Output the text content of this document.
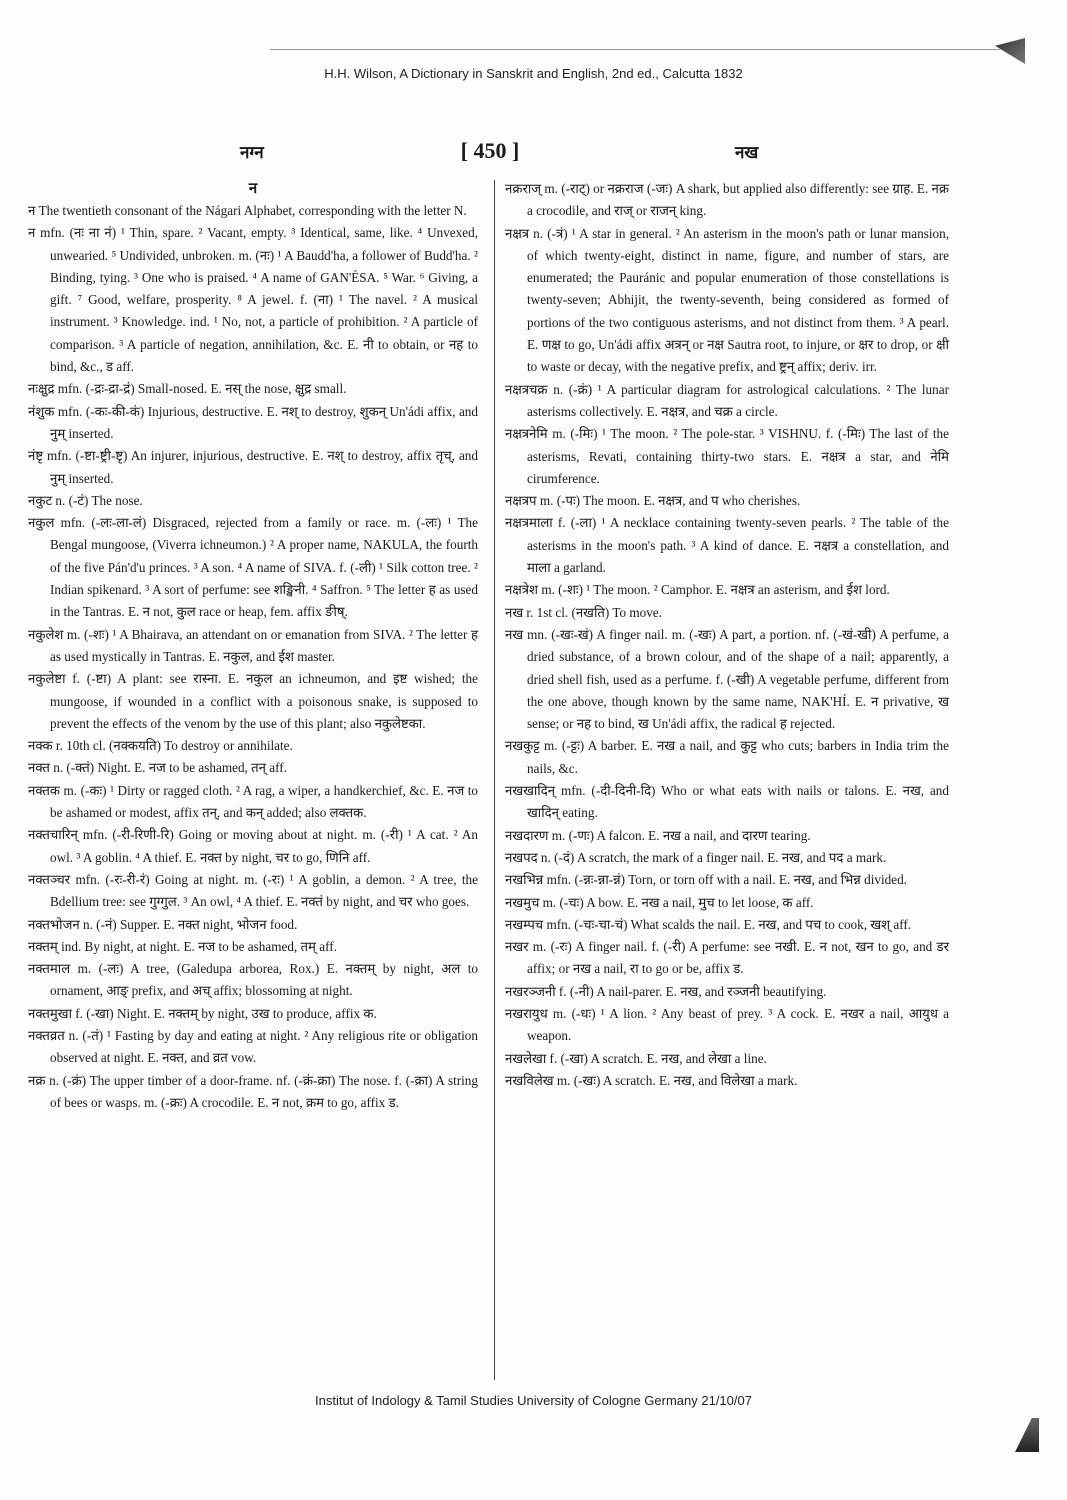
H.H. Wilson, A Dictionary in Sanskrit and English, 2nd ed., Calcutta 1832
नग्न	[ 450 ]	नख
न

न The twentieth consonant of the Nágari Alphabet, corresponding with the letter N.

न mfn. (नः ना नं) ¹ Thin, spare. ² Vacant, empty. ³ Identical, same, like. ⁴ Unvexed, unwearied. ⁵ Undivided, unbroken. m. (नः) ¹ A Baudd'ha, a follower of Budd'ha. ² Binding, tying. ³ One who is praised. ⁴ A name of GAN'ÉSA. ⁵ War. ⁶ Giving, a gift. ⁷ Good, welfare, prosperity. ⁸ A jewel. f. (ना) ¹ The navel. ² A musical instrument. ³ Knowledge. ind. ¹ No, not, a particle of prohibition. ² A particle of comparison. ³ A particle of negation, annihilation, &c. E. नी to obtain, or नह to bind, &c., ड aff.

नःक्षुद्र mfn. (-द्रः-द्रा-द्रं) Small-nosed. E. नस् the nose, क्षुद्र small.

नंशुक mfn. (-कः-की-कं) Injurious, destructive. E. नश् to destroy, शुकन् Un'ádi affix, and नुम् inserted.

नंष्टृ mfn. (-ष्टा-ष्ट्री-ष्टृ) An injurer, injurious, destructive. E. नश् to destroy, affix तृच्, and नुम् inserted.

नकुट n. (-टं) The nose.

नकुल mfn. (-लः-ला-लं) Disgraced, rejected from a family or race. m. (-लः) ¹ The Bengal mungoose, (Viverra ichneumon.) ² A proper name, NAKULA, the fourth of the five Pán'd'u princes. ³ A son. ⁴ A name of SIVA. f. (-ली) ¹ Silk cotton tree. ² Indian spikenard. ³ A sort of perfume: see शङ्खिनी. ⁴ Saffron. ⁵ The letter ह as used in the Tantras. E. न not, कुल race or heap, fem. affix ङीष्.

नकुलेश m. (-शः) ¹ A Bhairava, an attendant on or emanation from SIVA. ² The letter ह as used mystically in Tantras. E. नकुल, and ईश master.

नकुलेष्टा f. (-ष्टा) A plant: see रास्ना. E. नकुल an ichneumon, and इष्ट wished; the mungoose, if wounded in a conflict with a poisonous snake, is supposed to prevent the effects of the venom by the use of this plant; also नकुलेष्टका.

नक्क r. 10th cl. (नक्कयति) To destroy or annihilate.

नक्त n. (-क्तं) Night. E. नज to be ashamed, तन् aff.

नक्तक m. (-कः) ¹ Dirty or ragged cloth. ² A rag, a wiper, a handkerchief, &c. E. नज to be ashamed or modest, affix तन्, and कन् added; also लक्तक.

नक्तचारिन् mfn. (-री-रिणी-रि) Going or moving about at night. m. (-री) ¹ A cat. ² An owl. ³ A goblin. ⁴ A thief. E. नक्त by night, चर to go, णिनि aff.

नक्तञ्चर mfn. (-रः-री-रं) Going at night. m. (-रः) ¹ A goblin, a demon. ² A tree, the Bdellium tree: see गुग्गुल. ³ An owl, ⁴ A thief. E. नक्तं by night, and चर who goes.

नक्तभोजन n. (-नं) Supper. E. नक्त night, भोजन food.

नक्तम् ind. By night, at night. E. नज to be ashamed, तम् aff.

नक्तमाल m. (-लः) A tree, (Galedupa arborea, Rox.) E. नक्तम् by night, अल to ornament, आङ् prefix, and अच् affix; blossoming at night.

नक्तमुखा f. (-खा) Night. E. नक्तम् by night, उख to produce, affix क.

नक्तव्रत n. (-तं) ¹ Fasting by day and eating at night. ² Any religious rite or obligation observed at night. E. नक्त, and व्रत vow.

नक्र n. (-क्रं) The upper timber of a door-frame. nf. (-क्रं-क्रा) The nose. f. (-क्रा) A string of bees or wasps. m. (-क्रः) A crocodile. E. न not, क्रम to go, affix ड.

नक्रराज् m. (-राट्) or नक्रराज (-जः) A shark, but applied also differently: see ग्राह. E. नक्र a crocodile, and राज् or राजन् king.

नक्षत्र n. (-त्रं) ¹ A star in general. ² An asterism in the moon's path or lunar mansion, of which twenty-eight, distinct in name, figure, and number of stars, are enumerated; the Pauránic and popular enumeration of those constellations is twenty-seven; Abhijit, the twenty-seventh, being considered as formed of portions of the two contiguous asterisms, and not distinct from them. ³ A pearl. E. णक्ष to go, Un'ádi affix अत्रन् or नक्ष Sautra root, to injure, or क्षर to drop, or क्षी to waste or decay, with the negative prefix, and ष्ट्रन् affix; deriv. irr.

नक्षत्रचक्र n. (-क्रं) ¹ A particular diagram for astrological calculations. ² The lunar asterisms collectively. E. नक्षत्र, and चक्र a circle.

नक्षत्रनेमि m. (-मिः) ¹ The moon. ² The pole-star. ³ VISHNU. f. (-मिः) The last of the asterisms, Revati, containing thirty-two stars. E. नक्षत्र a star, and नेमि cirumference.

नक्षत्रप m. (-पः) The moon. E. नक्षत्र, and प who cherishes.

नक्षत्रमाला f. (-ला) ¹ A necklace containing twenty-seven pearls. ² The table of the asterisms in the moon's path. ³ A kind of dance. E. नक्षत्र a constellation, and माला a garland.

नक्षत्रेश m. (-शः) ¹ The moon. ² Camphor. E. नक्षत्र an asterism, and ईश lord.

नख r. 1st cl. (नखति) To move.

नख mn. (-खः-खं) A finger nail. m. (-खः) A part, a portion. nf. (-खं-खी) A perfume, a dried substance, of a brown colour, and of the shape of a nail; apparently, a dried shell fish, used as a perfume. f. (-खी) A vegetable perfume, different from the one above, though known by the same name, NAK'HÍ. E. न privative, ख sense; or नह to bind, ख Un'ádi affix, the radical ह rejected.

नखकुट्ट m. (-ट्टः) A barber. E. नख a nail, and कुट्ट who cuts; barbers in India trim the nails, &c.

नखखादिन् mfn. (-दी-दिनी-दि) Who or what eats with nails or talons. E. नख, and खादिन् eating.

नखदारण m. (-णः) A falcon. E. नख a nail, and दारण tearing.

नखपद n. (-दं) A scratch, the mark of a finger nail. E. नख, and पद a mark.

नखभिन्न mfn. (-न्नः-न्ना-न्नं) Torn, or torn off with a nail. E. नख, and भिन्न divided.

नखमुच m. (-चः) A bow. E. नख a nail, मुच to let loose, क aff.

नखम्पच mfn. (-चः-चा-चं) What scalds the nail. E. नख, and पच to cook, खश् aff.

नखर m. (-रः) A finger nail. f. (-री) A perfume: see नखी. E. न not, खन to go, and डर affix; or नख a nail, रा to go or be, affix ड.

नखरञ्जनी f. (-नी) A nail-parer. E. नख, and रञ्जनी beautifying.

नखरायुध m. (-धः) ¹ A lion. ² Any beast of prey. ³ A cock. E. नखर a nail, आयुध a weapon.

नखलेखा f. (-खा) A scratch. E. नख, and लेखा a line.

नखविलेख m. (-खः) A scratch. E. नख, and विलेखा a mark.

Institut of Indology & Tamil Studies University of Cologne Germany 21/10/07
